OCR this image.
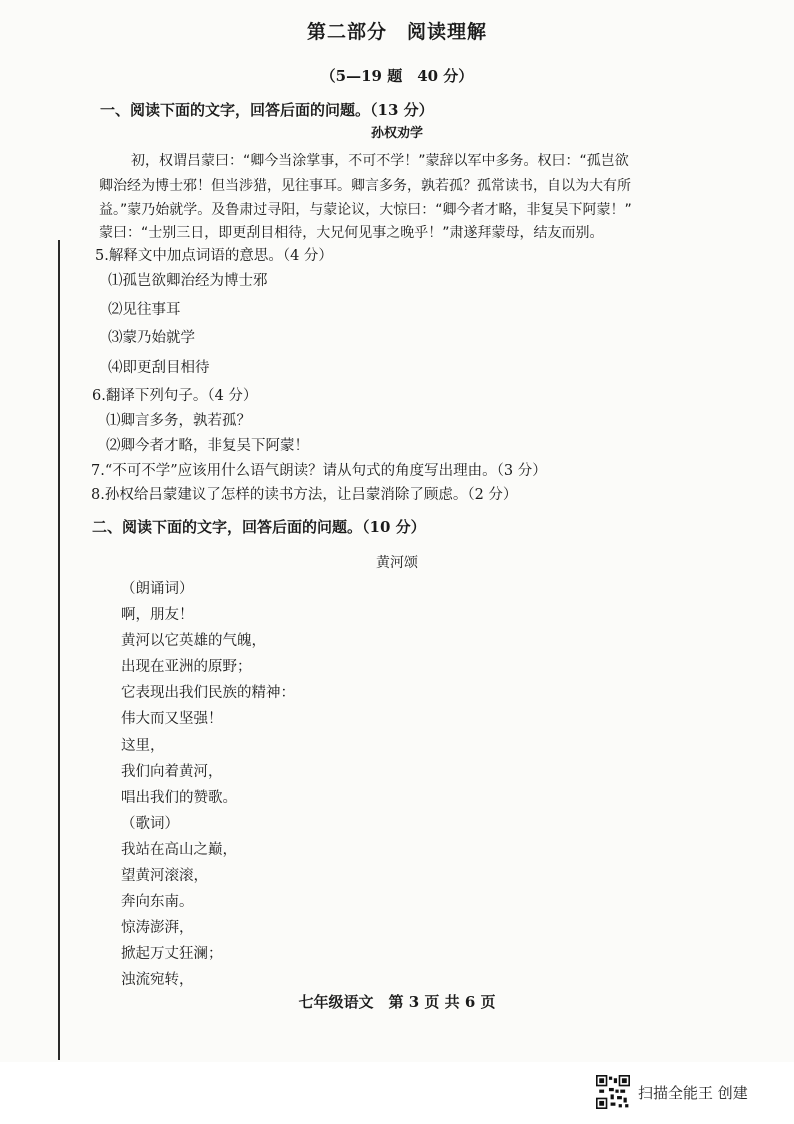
第二部分　阅读理解
（5—19 题　40 分）
一、阅读下面的文字，回答后面的问题。（13 分）
孙权劝学
初，权谓吕蒙曰：“卿今当涂掌事，不可不学！”蒙辞以军中多务。权曰：“孤岂欲
卿治经为博士邪！但当涉猎，见往事耳。卿言多务，孰若孤？孤常读书，自以为大有所
益。”蒙乃始就学。及鲁肃过寻阳，与蒙论议，大惊曰：“卿今者才略，非复吴下阿蒙！”
蒙曰：“士别三日，即更刮目相待，大兄何见事之晚乎！”肃遂拜蒙母，结友而别。
5.解释文中加点词语的意思。（4 分）
⑴孤岂欲卿治经为博士邪
⑵见往事耳
⑶蒙乃始就学
⑷即更刮目相待
6.翻译下列句子。（4 分）
⑴卿言多务，孰若孤？
⑵卿今者才略，非复吴下阿蒙！
7.“不可不学”应该用什么语气朗读？请从句式的角度写出理由。（3 分）
8.孙权给吕蒙建议了怎样的读书方法，让吕蒙消除了顾虑。（2 分）
二、阅读下面的文字，回答后面的问题。（10 分）
黄河颂
（朗诵词）
啊，朋友！
黄河以它英雄的气魄，
出现在亚洲的原野；
它表现出我们民族的精神：
伟大而又坚强！
这里，
我们向着黄河，
唱出我们的赞歌。
（歌词）
我站在高山之巅，
望黄河滚滚，
奔向东南。
惊涛澎湃，
掀起万丈狂澜；
浊流宛转，
七年级语文　第 3 页 共 6 页
扫描全能王 创建
